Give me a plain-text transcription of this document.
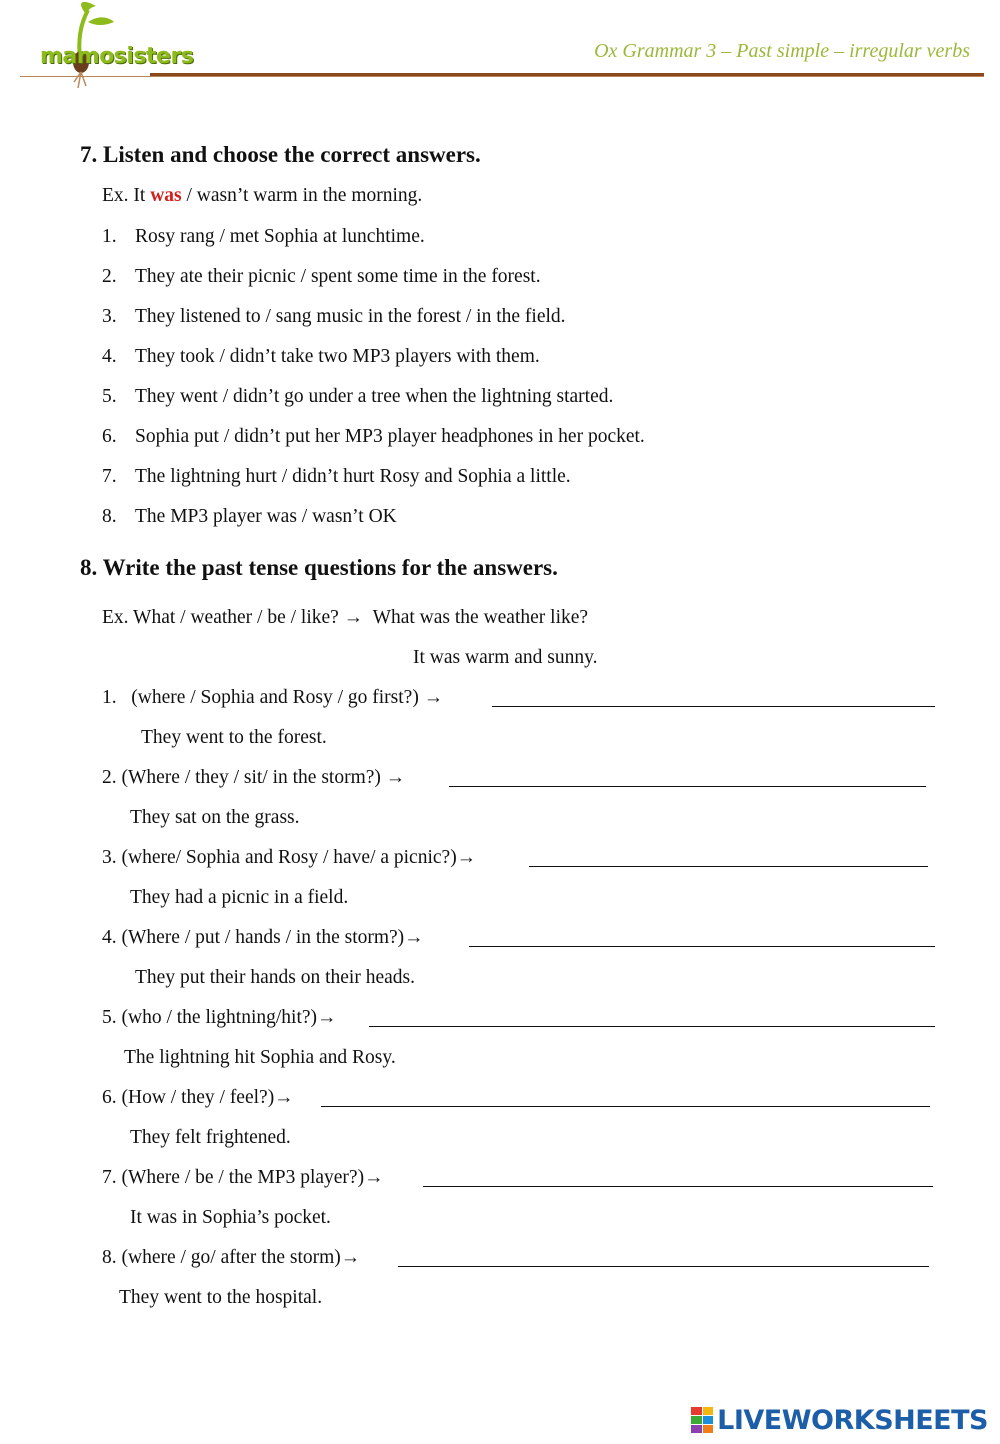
mamosisters	Ox Grammar 3 – Past simple – irregular verbs
7. Listen and choose the correct answers.
Ex. It was / wasn’t warm in the morning.
1. Rosy rang / met Sophia at lunchtime.
2. They ate their picnic / spent some time in the forest.
3. They listened to / sang music in the forest / in the field.
4. They took / didn’t take two MP3 players with them.
5. They went / didn’t go under a tree when the lightning started.
6. Sophia put / didn’t put her MP3 player headphones in her pocket.
7. The lightning hurt / didn’t hurt Rosy and Sophia a little.
8. The MP3 player was / wasn’t OK
8. Write the past tense questions for the answers.
Ex. What / weather / be / like? →  What was the weather like?
It was warm and sunny.
1.   (where / Sophia and Rosy / go first?) →
They went to the forest.
2. (Where / they / sit/ in the storm?) →
They sat on the grass.
3. (where/ Sophia and Rosy / have/ a picnic?)→
They had a picnic in a field.
4. (Where / put / hands / in the storm?)→
They put their hands on their heads.
5. (who / the lightning/hit?)→
The lightning hit Sophia and Rosy.
6. (How / they / feel?)→
They felt frightened.
7. (Where / be / the MP3 player?)→
It was in Sophia’s pocket.
8. (where / go/ after the storm)→
They went to the hospital.
LIVEWORKSHEETS
